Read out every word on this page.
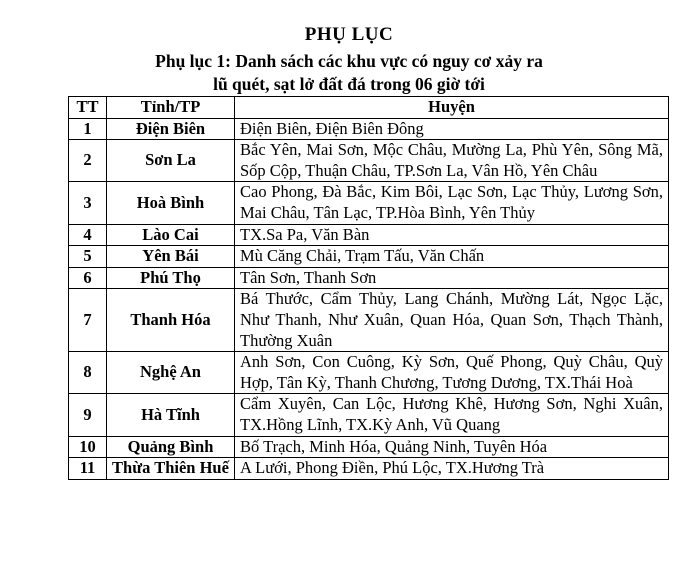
PHỤ LỤC
Phụ lục 1: Danh sách các khu vực có nguy cơ xảy ra
lũ quét, sạt lở đất đá trong 06 giờ tới
TT	Tỉnh/TP	Huyện
1	Điện Biên	Điện Biên, Điện Biên Đông
2	Sơn La	Bắc Yên, Mai Sơn, Mộc Châu, Mường La, Phù Yên, Sông Mã, Sốp Cộp, Thuận Châu, TP.Sơn La, Vân Hồ, Yên Châu
3	Hoà Bình	Cao Phong, Đà Bắc, Kim Bôi, Lạc Sơn, Lạc Thủy, Lương Sơn, Mai Châu, Tân Lạc, TP.Hòa Bình, Yên Thủy
4	Lào Cai	TX.Sa Pa, Văn Bàn
5	Yên Bái	Mù Căng Chải, Trạm Tấu, Văn Chấn
6	Phú Thọ	Tân Sơn, Thanh Sơn
7	Thanh Hóa	Bá Thước, Cẩm Thủy, Lang Chánh, Mường Lát, Ngọc Lặc, Như Thanh, Như Xuân, Quan Hóa, Quan Sơn, Thạch Thành, Thường Xuân
8	Nghệ An	Anh Sơn, Con Cuông, Kỳ Sơn, Quế Phong, Quỳ Châu, Quỳ Hợp, Tân Kỳ, Thanh Chương, Tương Dương, TX.Thái Hoà
9	Hà Tĩnh	Cẩm Xuyên, Can Lộc, Hương Khê, Hương Sơn, Nghi Xuân, TX.Hồng Lĩnh, TX.Kỳ Anh, Vũ Quang
10	Quảng Bình	Bố Trạch, Minh Hóa, Quảng Ninh, Tuyên Hóa
11	Thừa Thiên Huế	A Lưới, Phong Điền, Phú Lộc, TX.Hương Trà
